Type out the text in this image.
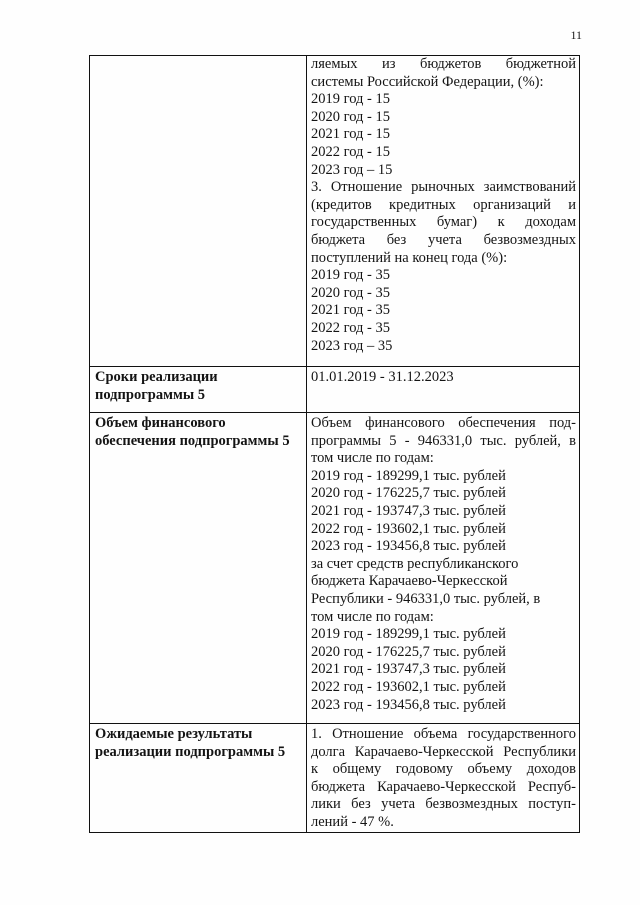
11
ляемых из бюджетов бюджетной
системы Российской Федерации, (%):
2019 год - 15
2020 год - 15
2021 год - 15
2022 год - 15
2023 год – 15
3. Отношение рыночных заимствований
(кредитов кредитных организаций и
государственных бумаг) к доходам
бюджета без учета безвозмездных
поступлений на конец года (%):
2019 год - 35
2020 год - 35
2021 год - 35
2022 год - 35
2023 год – 35
Сроки реализации
подпрограммы 5
01.01.2019 - 31.12.2023
Объем финансового
обеспечения подпрограммы 5
Объем финансового обеспечения под-
программы 5 - 946331,0 тыс. рублей, в
том числе по годам:
2019 год - 189299,1 тыс. рублей
2020 год - 176225,7 тыс. рублей
2021 год - 193747,3 тыс. рублей
2022 год - 193602,1 тыс. рублей
2023 год - 193456,8 тыс. рублей
за счет средств республиканского
бюджета Карачаево-Черкесской
Республики - 946331,0 тыс. рублей, в
том числе по годам:
2019 год - 189299,1 тыс. рублей
2020 год - 176225,7 тыс. рублей
2021 год - 193747,3 тыс. рублей
2022 год - 193602,1 тыс. рублей
2023 год - 193456,8 тыс. рублей
Ожидаемые результаты
реализации подпрограммы 5
1. Отношение объема государственного
долга Карачаево-Черкесской Республики
к общему годовому объему доходов
бюджета Карачаево-Черкесской Респуб-
лики без учета безвозмездных поступ-
лений - 47 %.
